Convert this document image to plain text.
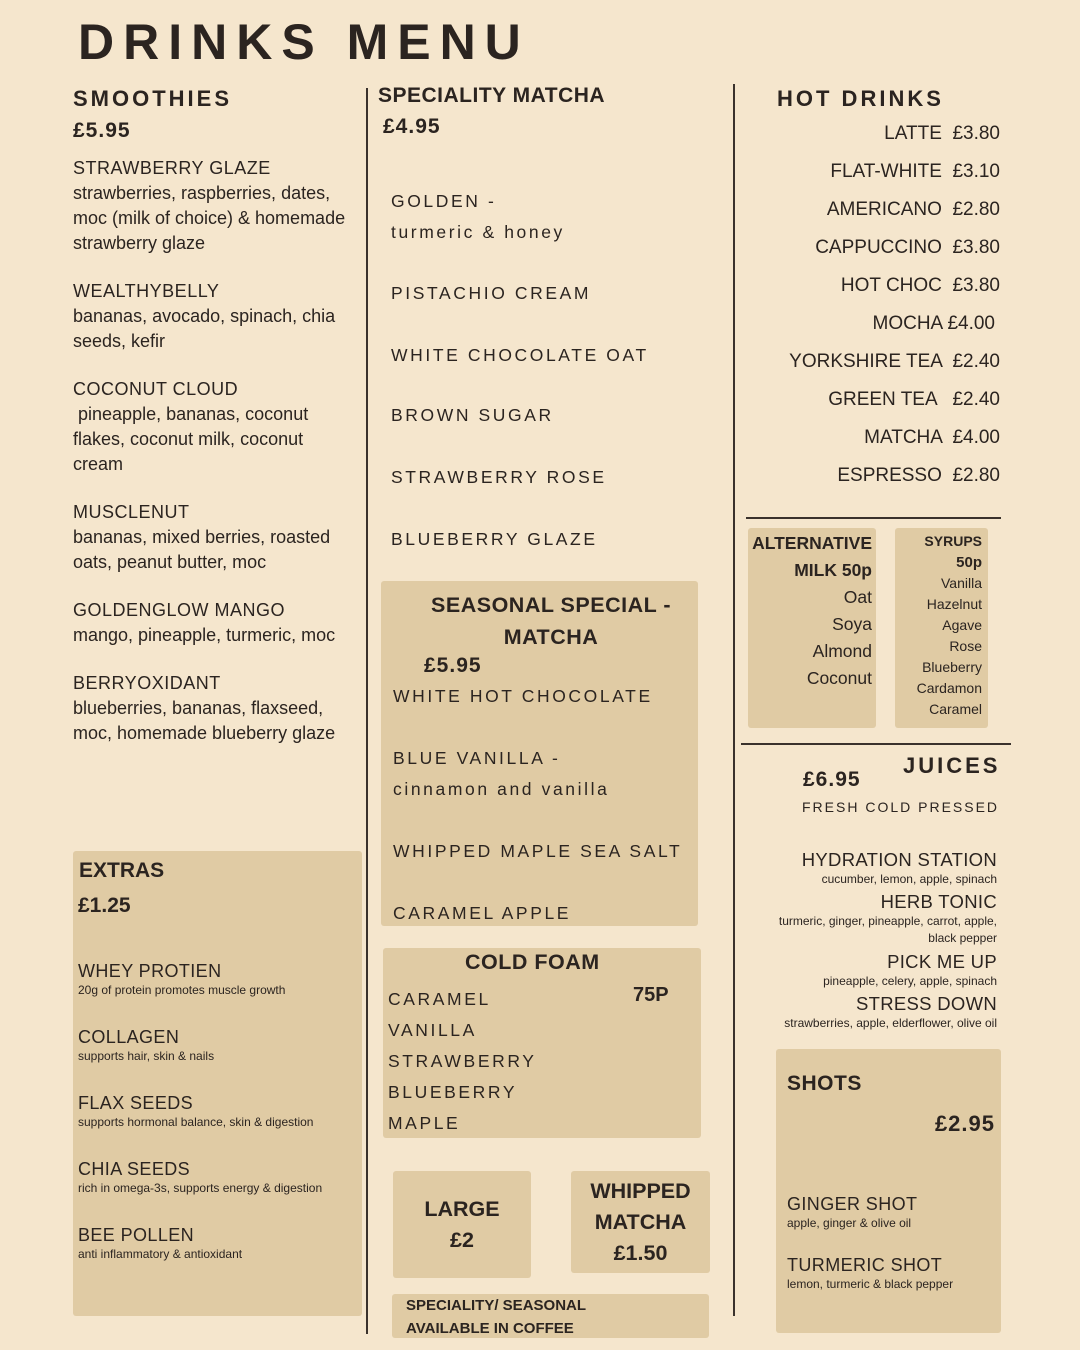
DRINKS MENU
SMOOTHIES
£5.95
STRAWBERRY GLAZE
strawberries, raspberries, dates, moc (milk of choice) & homemade strawberry glaze
WEALTHYBELLY
bananas, avocado, spinach, chia seeds, kefir
COCONUT CLOUD
pineapple, bananas, coconut flakes, coconut milk, coconut cream
MUSCLENUT
bananas, mixed berries, roasted oats, peanut butter, moc
GOLDENGLOW MANGO
mango, pineapple, turmeric, moc
BERRYOXIDANT
blueberries, bananas, flaxseed, moc, homemade blueberry glaze
EXTRAS
£1.25
WHEY PROTIEN
20g of protein promotes muscle growth
COLLAGEN
supports hair, skin & nails
FLAX SEEDS
supports hormonal balance, skin & digestion
CHIA SEEDS
rich in omega-3s, supports energy & digestion
BEE POLLEN
anti inflammatory & antioxidant
SPECIALITY MATCHA
£4.95
GOLDEN -
turmeric & honey
PISTACHIO CREAM
WHITE CHOCOLATE OAT
BROWN SUGAR
STRAWBERRY ROSE
BLUEBERRY GLAZE
SEASONAL SPECIAL -
MATCHA
£5.95
WHITE HOT CHOCOLATE
BLUE VANILLA -
cinnamon and vanilla
WHIPPED MAPLE SEA SALT
CARAMEL APPLE
COLD FOAM
75P
CARAMEL
VANILLA
STRAWBERRY
BLUEBERRY
MAPLE
LARGE
£2
WHIPPED
MATCHA
£1.50
SPECIALITY/ SEASONAL
AVAILABLE IN COFFEE
HOT DRINKS
LATTE  £3.80
FLAT-WHITE  £3.10
AMERICANO  £2.80
CAPPUCCINO  £3.80
HOT CHOC  £3.80
MOCHA £4.00
YORKSHIRE TEA  £2.40
GREEN TEA   £2.40
MATCHA  £4.00
ESPRESSO  £2.80
ALTERNATIVE
MILK 50p
Oat
Soya
Almond
Coconut
SYRUPS
50p
Vanilla
Hazelnut
Agave
Rose
Blueberry
Cardamon
Caramel
JUICES
£6.95
FRESH COLD PRESSED
HYDRATION STATION
cucumber, lemon, apple, spinach
HERB TONIC
turmeric, ginger, pineapple, carrot, apple,
black pepper
PICK ME UP
pineapple, celery, apple, spinach
STRESS DOWN
strawberries, apple, elderflower, olive oil
SHOTS
£2.95
GINGER SHOT
apple, ginger & olive oil
TURMERIC SHOT
lemon, turmeric & black pepper
